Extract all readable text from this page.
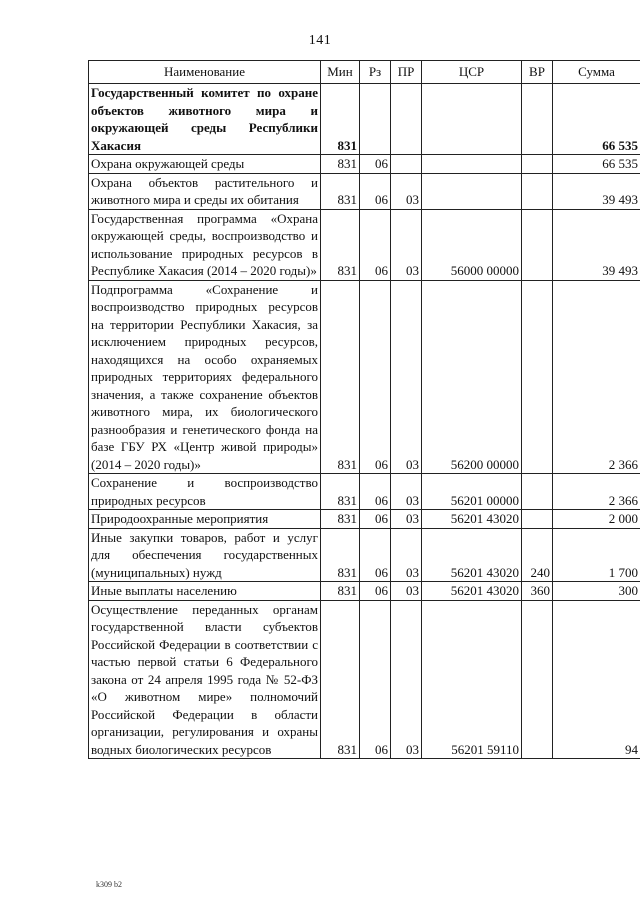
141
Наименование	Мин	Рз	ПР	ЦСР	ВР	Сумма
Государственный комитет по охране объектов животного мира и окружающей среды Республики Хакасия	831					66 535
Охрана окружающей среды	831	06				66 535
Охрана объектов растительного и животного мира и среды их обитания	831	06	03			39 493
Государственная программа «Охрана окружающей среды, воспроизводство и использование природных ресурсов в Республике Хакасия (2014 – 2020 годы)»	831	06	03	56000 00000		39 493
Подпрограмма «Сохранение и воспроизводство природных ресурсов на территории Республики Хакасия, за исключением природных ресурсов, находящихся на особо охраняемых природных территориях федерального значения, а также сохранение объектов животного мира, их биологического разнообразия и генетического фонда на базе ГБУ РХ «Центр живой природы» (2014 – 2020 годы)»	831	06	03	56200 00000		2 366
Сохранение и воспроизводство природных ресурсов	831	06	03	56201 00000		2 366
Природоохранные мероприятия	831	06	03	56201 43020		2 000
Иные закупки товаров, работ и услуг для обеспечения государственных (муниципальных) нужд	831	06	03	56201 43020	240	1 700
Иные выплаты населению	831	06	03	56201 43020	360	300
Осуществление переданных органам государственной власти субъектов Российской Федерации в соответствии с частью первой статьи 6 Федерального закона от 24 апреля 1995 года № 52-ФЗ «О животном мире» полномочий Российской Федерации в области организации, регулирования и охраны водных биологических ресурсов	831	06	03	56201 59110		94
k309 b2
